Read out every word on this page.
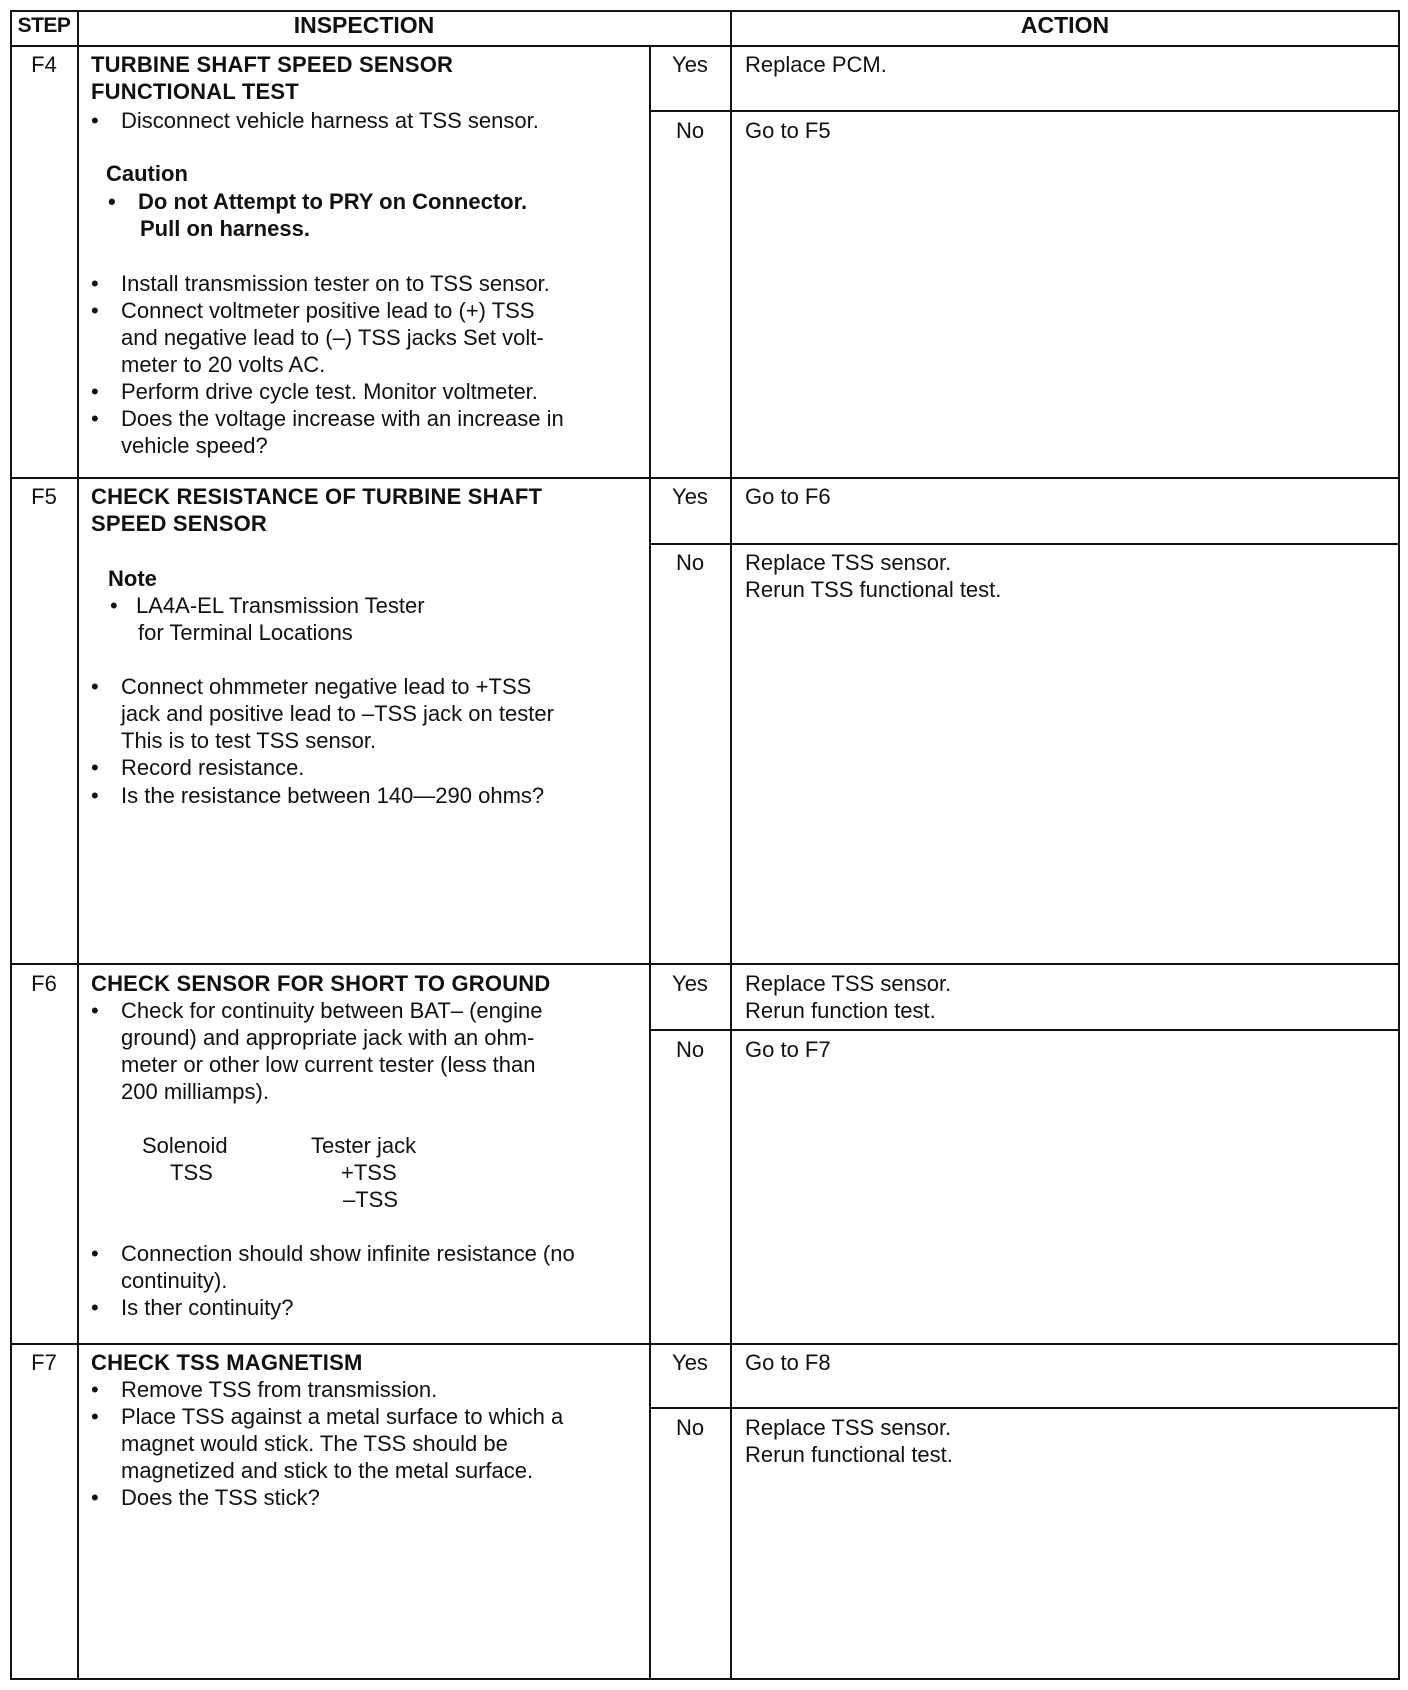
STEP	INSPECTION	ACTION
F4	TURBINE SHAFT SPEED SENSOR
FUNCTIONAL TEST
• Disconnect vehicle harness at TSS sensor.
Caution
• Do not Attempt to PRY on Connector.
Pull on harness.
• Install transmission tester on to TSS sensor.
• Connect voltmeter positive lead to (+) TSS
and negative lead to (–) TSS jacks Set volt-
meter to 20 volts AC.
• Perform drive cycle test. Monitor voltmeter.
• Does the voltage increase with an increase in
vehicle speed?
Yes	Replace PCM.
No	Go to F5
F5	CHECK RESISTANCE OF TURBINE SHAFT
SPEED SENSOR
Note
• LA4A-EL Transmission Tester
for Terminal Locations
• Connect ohmmeter negative lead to +TSS
jack and positive lead to –TSS jack on tester
This is to test TSS sensor.
• Record resistance.
• Is the resistance between 140—290 ohms?
Yes	Go to F6
No	Replace TSS sensor.
Rerun TSS functional test.
F6	CHECK SENSOR FOR SHORT TO GROUND
• Check for continuity between BAT– (engine
ground) and appropriate jack with an ohm-
meter or other low current tester (less than
200 milliamps).
Solenoid	Tester jack
TSS	+TSS
–TSS
• Connection should show infinite resistance (no
continuity).
• Is ther continuity?
Yes	Replace TSS sensor.
Rerun function test.
No	Go to F7
F7	CHECK TSS MAGNETISM
• Remove TSS from transmission.
• Place TSS against a metal surface to which a
magnet would stick. The TSS should be
magnetized and stick to the metal surface.
• Does the TSS stick?
Yes	Go to F8
No	Replace TSS sensor.
Rerun functional test.
